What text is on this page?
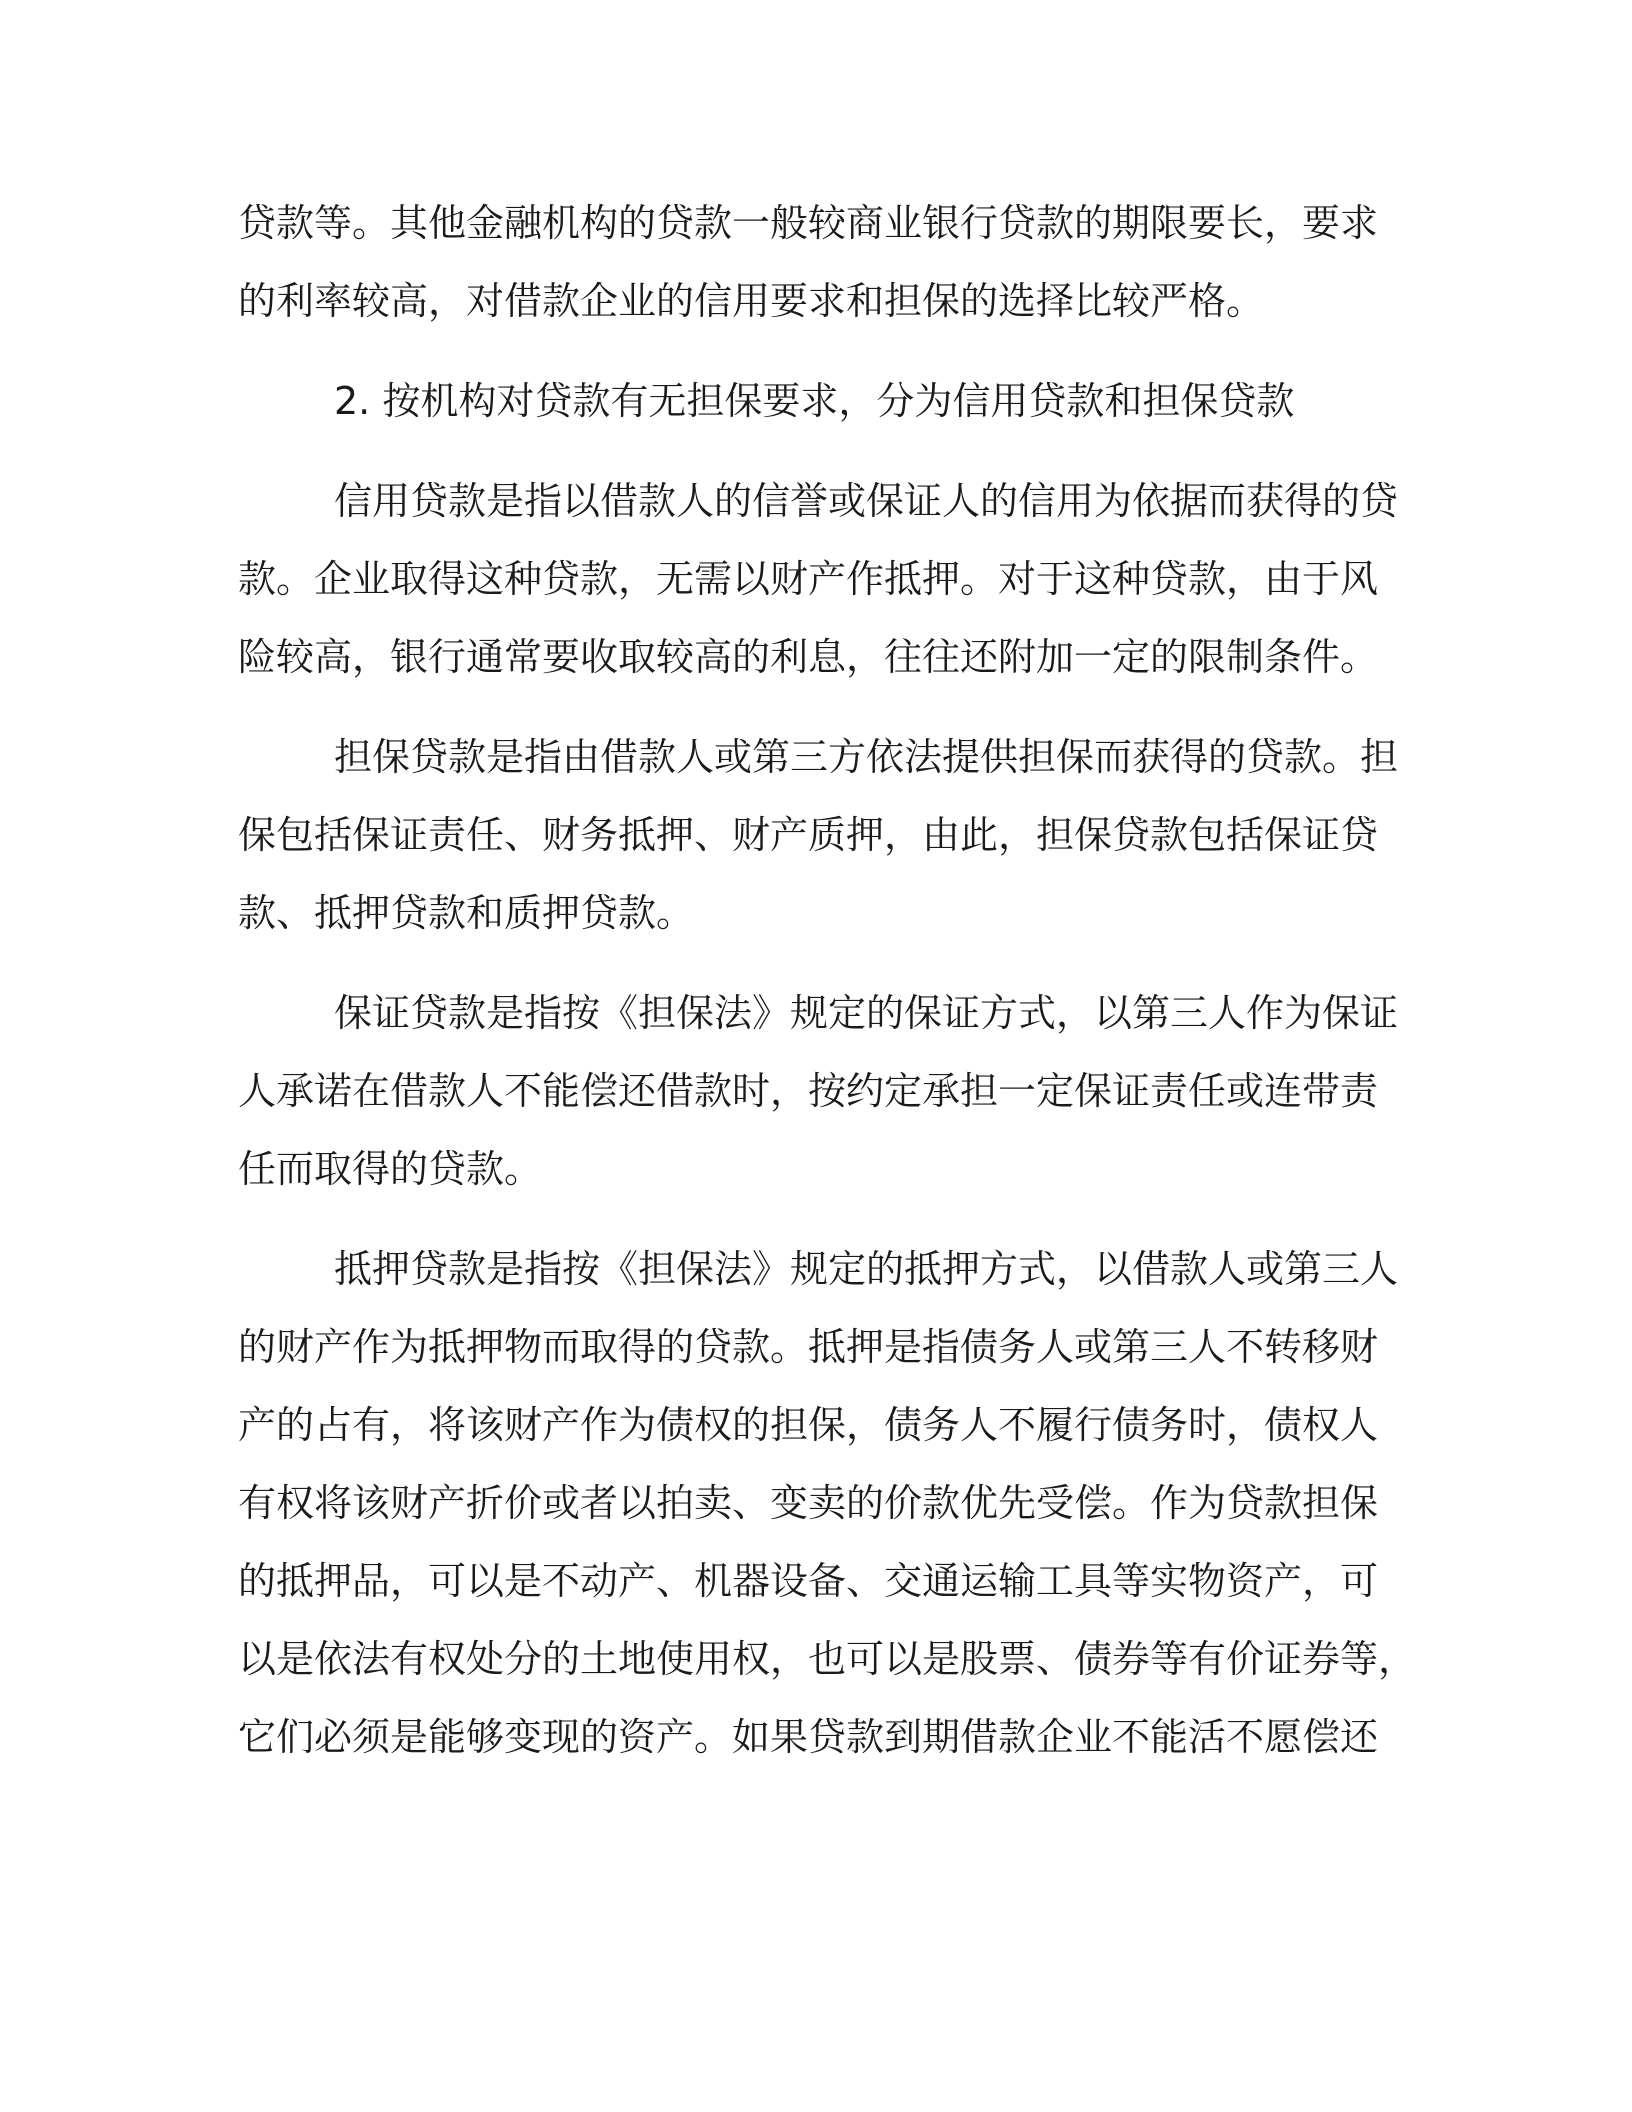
贷款等。其他金融机构的贷款一般较商业银行贷款的期限要长，要求
的利率较高，对借款企业的信用要求和担保的选择比较严格。
2. 按机构对贷款有无担保要求，分为信用贷款和担保贷款
信用贷款是指以借款人的信誉或保证人的信用为依据而获得的贷
款。企业取得这种贷款，无需以财产作抵押。对于这种贷款，由于风
险较高，银行通常要收取较高的利息，往往还附加一定的限制条件。
担保贷款是指由借款人或第三方依法提供担保而获得的贷款。担
保包括保证责任、财务抵押、财产质押，由此，担保贷款包括保证贷
款、抵押贷款和质押贷款。
保证贷款是指按《担保法》规定的保证方式，以第三人作为保证
人承诺在借款人不能偿还借款时，按约定承担一定保证责任或连带责
任而取得的贷款。
抵押贷款是指按《担保法》规定的抵押方式，以借款人或第三人
的财产作为抵押物而取得的贷款。抵押是指债务人或第三人不转移财
产的占有，将该财产作为债权的担保，债务人不履行债务时，债权人
有权将该财产折价或者以拍卖、变卖的价款优先受偿。作为贷款担保
的抵押品，可以是不动产、机器设备、交通运输工具等实物资产，可
以是依法有权处分的土地使用权，也可以是股票、债券等有价证券等，
它们必须是能够变现的资产。如果贷款到期借款企业不能活不愿偿还
